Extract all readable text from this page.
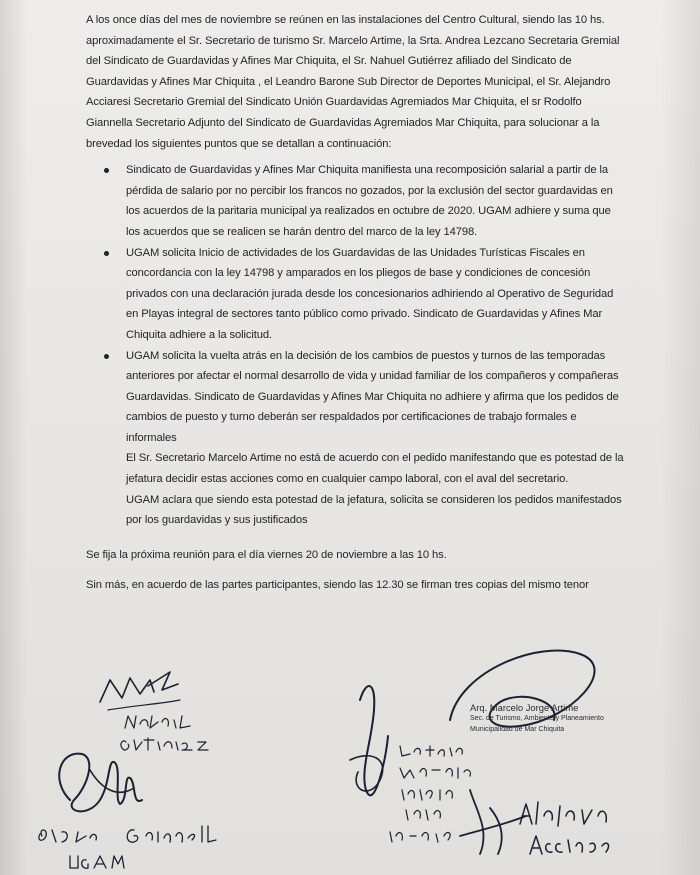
A los once días del mes de noviembre se reúnen en las instalaciones del Centro Cultural, siendo las 10 hs. aproximadamente el Sr. Secretario de turismo Sr. Marcelo Artime, la Srta. Andrea Lezcano Secretaria Gremial del Sindicato de Guardavidas y Afines Mar Chiquita, el Sr. Nahuel Gutiérrez afiliado del Sindicato de Guardavidas y Afines Mar Chiquita , el Leandro Barone Sub Director de Deportes Municipal, el Sr. Alejandro Acciaresi Secretario Gremial del Sindicato Unión Guardavidas Agremiados Mar Chiquita, el sr Rodolfo Giannella Secretario Adjunto del Sindicato de Guardavidas Agremiados Mar Chiquita, para solucionar a la brevedad los siguientes puntos que se detallan a continuación:

Sindicato de Guardavidas y Afines Mar Chiquita manifiesta una recomposición salarial a partir de la pérdida de salario por no percibir los francos no gozados, por la exclusión del sector guardavidas en los acuerdos de la paritaria municipal ya realizados en octubre de 2020. UGAM adhiere y suma que los acuerdos que se realicen se harán dentro del marco de la ley 14798.

UGAM solicita Inicio de actividades de los Guardavidas de las Unidades Turísticas Fiscales en concordancia con la ley 14798 y amparados en los pliegos de base y condiciones de concesión privados con una declaración jurada desde los concesionarios adhiriendo al Operativo de Seguridad en Playas integral de sectores tanto público como privado. Sindicato de Guardavidas y Afines Mar Chiquita adhiere a la solicitud.

UGAM solicita la vuelta atrás en la decisión de los cambios de puestos y turnos de las temporadas anteriores por afectar el normal desarrollo de vida y unidad familiar de los compañeros y compañeras Guardavidas. Sindicato de Guardavidas y Afines Mar Chiquita no adhiere y afirma que los pedidos de cambios de puesto y turno deberán ser respaldados por certificaciones de trabajo formales e informales

El Sr. Secretario Marcelo Artime no está de acuerdo con el pedido manifestando que es potestad de la jefatura decidir estas acciones como en cualquier campo laboral, con el aval del secretario.

UGAM aclara que siendo esta potestad de la jefatura, solicita se consideren los pedidos manifestados por los guardavidas y sus justificados

Se fija la próxima reunión para el día viernes 20 de noviembre a las 10 hs.

Sin más, en acuerdo de las partes participantes, siendo las 12.30 se firman tres copias del mismo tenor

Arq. Marcelo Jorge Artime
Sec. de Turismo, Ambiente y Planeamiento
Municipalidad de Mar Chiquita
